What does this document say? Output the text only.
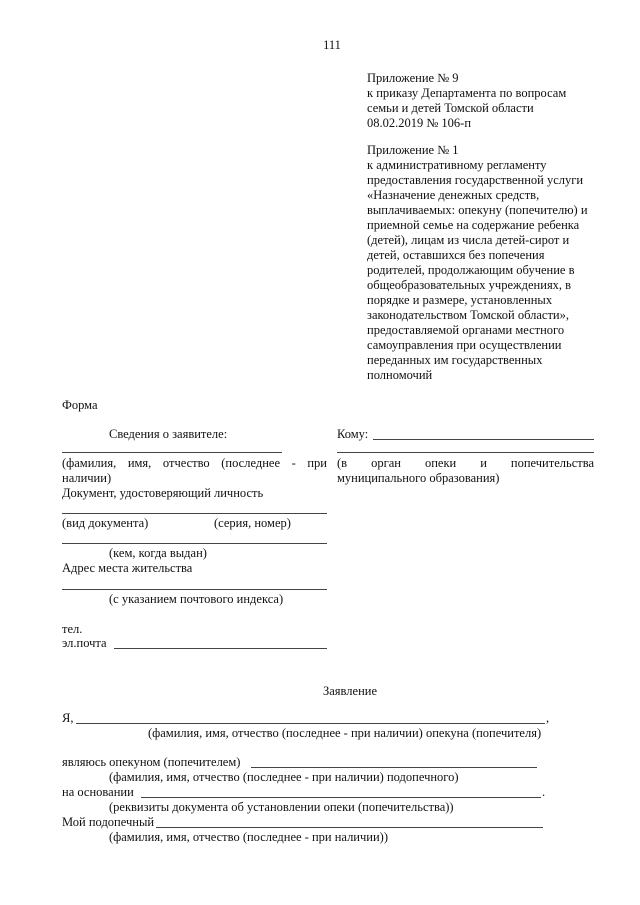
111
Приложение № 9
к приказу Департамента по вопросам
семьи и детей Томской области
08.02.2019 № 106-п
Приложение № 1
к административному регламенту
предоставления государственной услуги
«Назначение денежных средств,
выплачиваемых: опекуну (попечителю) и
приемной семье на содержание ребенка
(детей), лицам из числа детей-сирот и
детей, оставшихся без попечения
родителей, продолжающим обучение в
общеобразовательных учреждениях, в
порядке и размере, установленных
законодательством Томской области»,
предоставляемой органами местного
самоуправления при осуществлении
переданных им государственных
полномочий
Форма
Сведения о заявителе:
(фамилия, имя, отчество (последнее - при
наличии)
Документ, удостоверяющий личность
(вид документа)	(серия, номер)
(кем, когда выдан)
Адрес места жительства
(с указанием почтового индекса)
тел.
эл.почта
Кому:
(в орган опеки и попечительства
муниципального образования)
Заявление
Я,	,
(фамилия, имя, отчество (последнее - при наличии) опекуна (попечителя)
являюсь опекуном (попечителем)
(фамилия, имя, отчество (последнее - при наличии) подопечного)
на основании	.
(реквизиты документа об установлении опеки (попечительства))
Мой подопечный
(фамилия, имя, отчество (последнее - при наличии))
